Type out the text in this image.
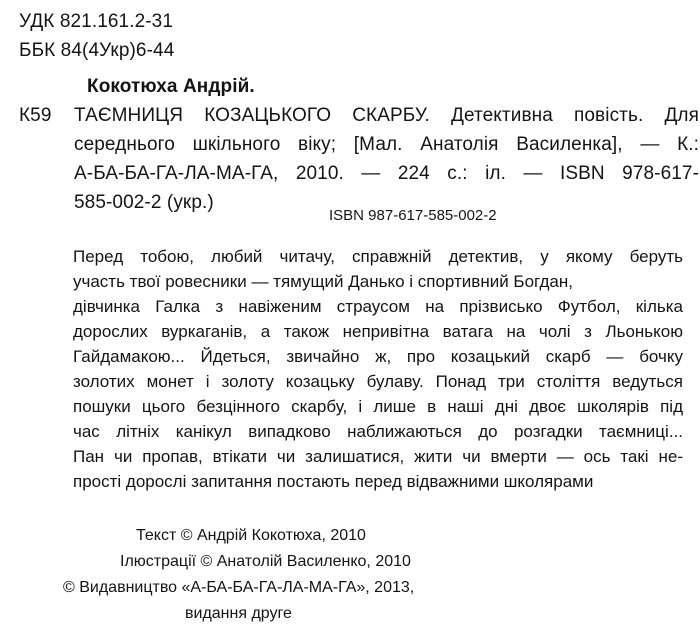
УДК 821.161.2-31

ББК 84(4Укр)6-44

Кокотюха Андрій.

К59 ТАЄМНИЦЯ КОЗАЦЬКОГО СКАРБУ. Детективна повість. Для

середнього шкільного віку; [Мал. Анатолія Василенка], — К.:

А-БА-БА-ГА-ЛА-МА-ГА, 2010. — 224 с.: іл. — ISBN 978-617-

585-002-2 (укр.)

ISBN 987-617-585-002-2

Перед тобою, любий читачу, справжній детектив, у якому беруть

участь твої ровесники — тямущий Данько і спортивний Богдан,

дівчинка Галка з навіженим страусом на прізвисько Футбол, кілька

дорослих вуркаганів, а також непривітна ватага на чолі з Льонькою

Гайдамакою... Йдеться, звичайно ж, про козацький скарб — бочку

золотих монет і золоту козацьку булаву. Понад три століття ведуться

пошуки цього безцінного скарбу, і лише в наші дні двоє школярів під

час літніх канікул випадково наближаються до розгадки таємниці...

Пан чи пропав, втікати чи залишатися, жити чи вмерти — ось такі не-

прості дорослі запитання постають перед відважними школярами

Текст © Андрій Кокотюха, 2010

Ілюстрації © Анатолій Василенко, 2010

© Видавництво «А-БА-БА-ГА-ЛА-МА-ГА», 2013,

видання друге
